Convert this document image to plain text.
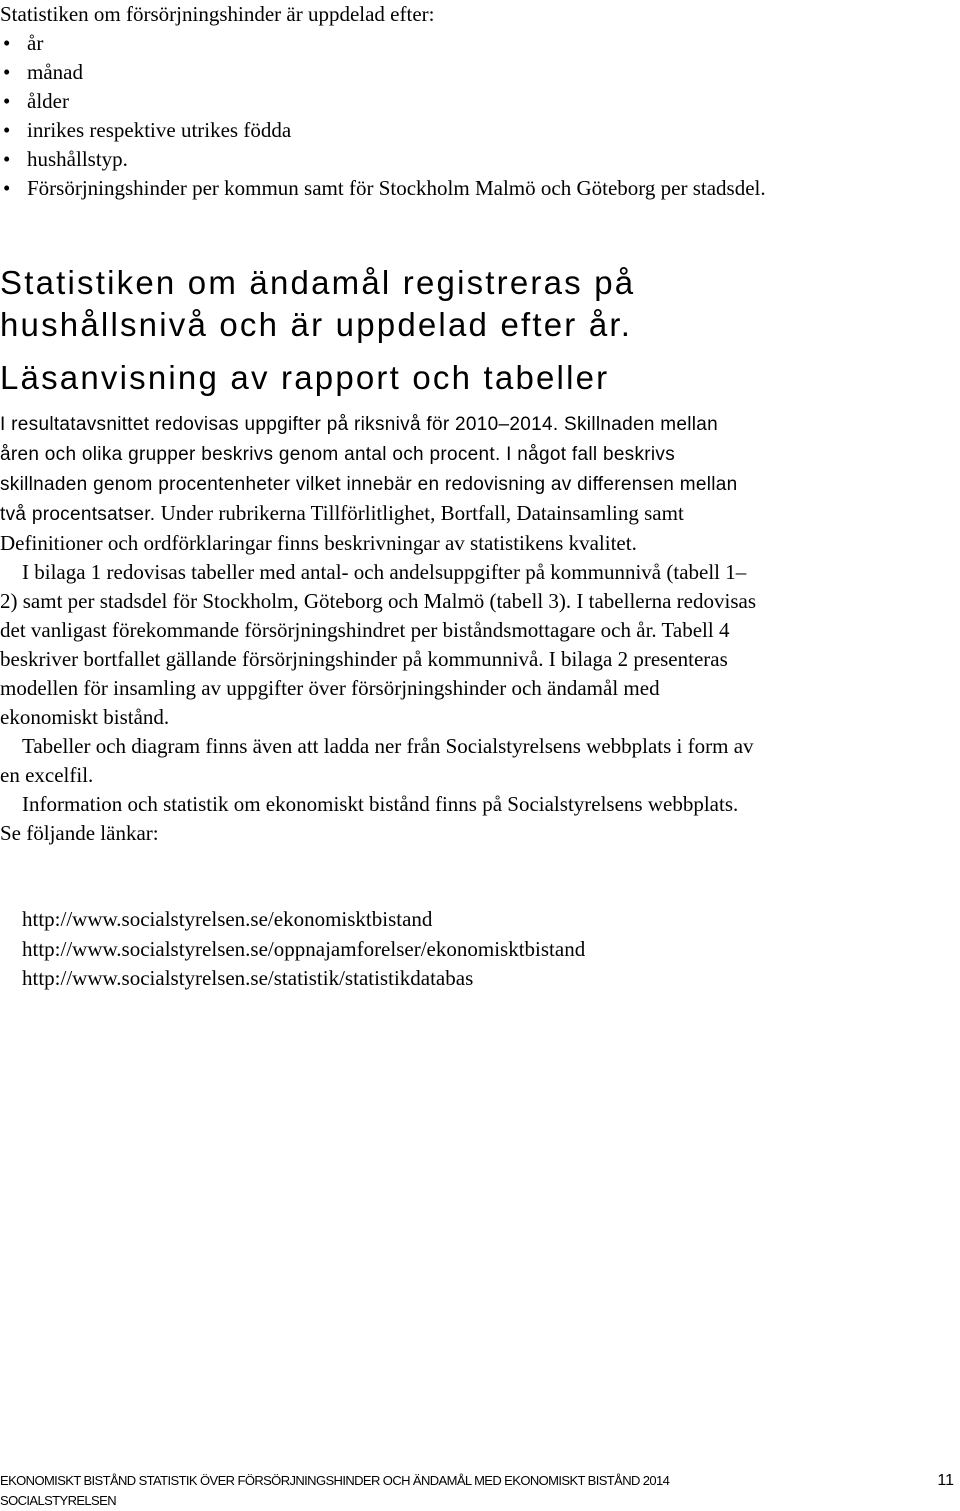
Statistiken om försörjningshinder är uppdelad efter:

• år
• månad
• ålder
• inrikes respektive utrikes födda
• hushållstyp.
• Försörjningshinder per kommun samt för Stockholm Malmö och Göteborg per stadsdel.
Statistiken om ändamål registreras på
hushållsnivå och är uppdelad efter år.
Läsanvisning av rapport och tabeller

I resultatavsnittet redovisas uppgifter på riksnivå för 2010–2014. Skillnaden mellan åren och olika grupper beskrivs genom antal och procent. I något fall beskrivs skillnaden genom procentenheter vilket innebär en redovisning av differensen mellan två procentsatser. Under rubrikerna Tillförlitlighet, Bortfall, Datainsamling samt Definitioner och ordförklaringar finns beskrivningar av statistikens kvalitet.

I bilaga 1 redovisas tabeller med antal- och andelsuppgifter på kommunnivå (tabell 1–2) samt per stadsdel för Stockholm, Göteborg och Malmö (tabell 3). I tabellerna redovisas det vanligast förekommande försörjningshindret per biståndsmottagare och år. Tabell 4 beskriver bortfallet gällande försörjningshinder på kommunnivå. I bilaga 2 presenteras modellen för insamling av uppgifter över försörjningshinder och ändamål med ekonomiskt bistånd.

Tabeller och diagram finns även att ladda ner från Socialstyrelsens webbplats i form av en excelfil.

Information och statistik om ekonomiskt bistånd finns på Socialstyrelsens webbplats. Se följande länkar:

http://www.socialstyrelsen.se/ekonomisktbistand
http://www.socialstyrelsen.se/oppnajamforelser/ekonomisktbistand
http://www.socialstyrelsen.se/statistik/statistikdatabas
EKONOMISKT BISTÅND STATISTIK ÖVER FÖRSÖRJNINGSHINDER OCH ÄNDAMÅL MED EKONOMISKT BISTÅND 2014
SOCIALSTYRELSEN
11
